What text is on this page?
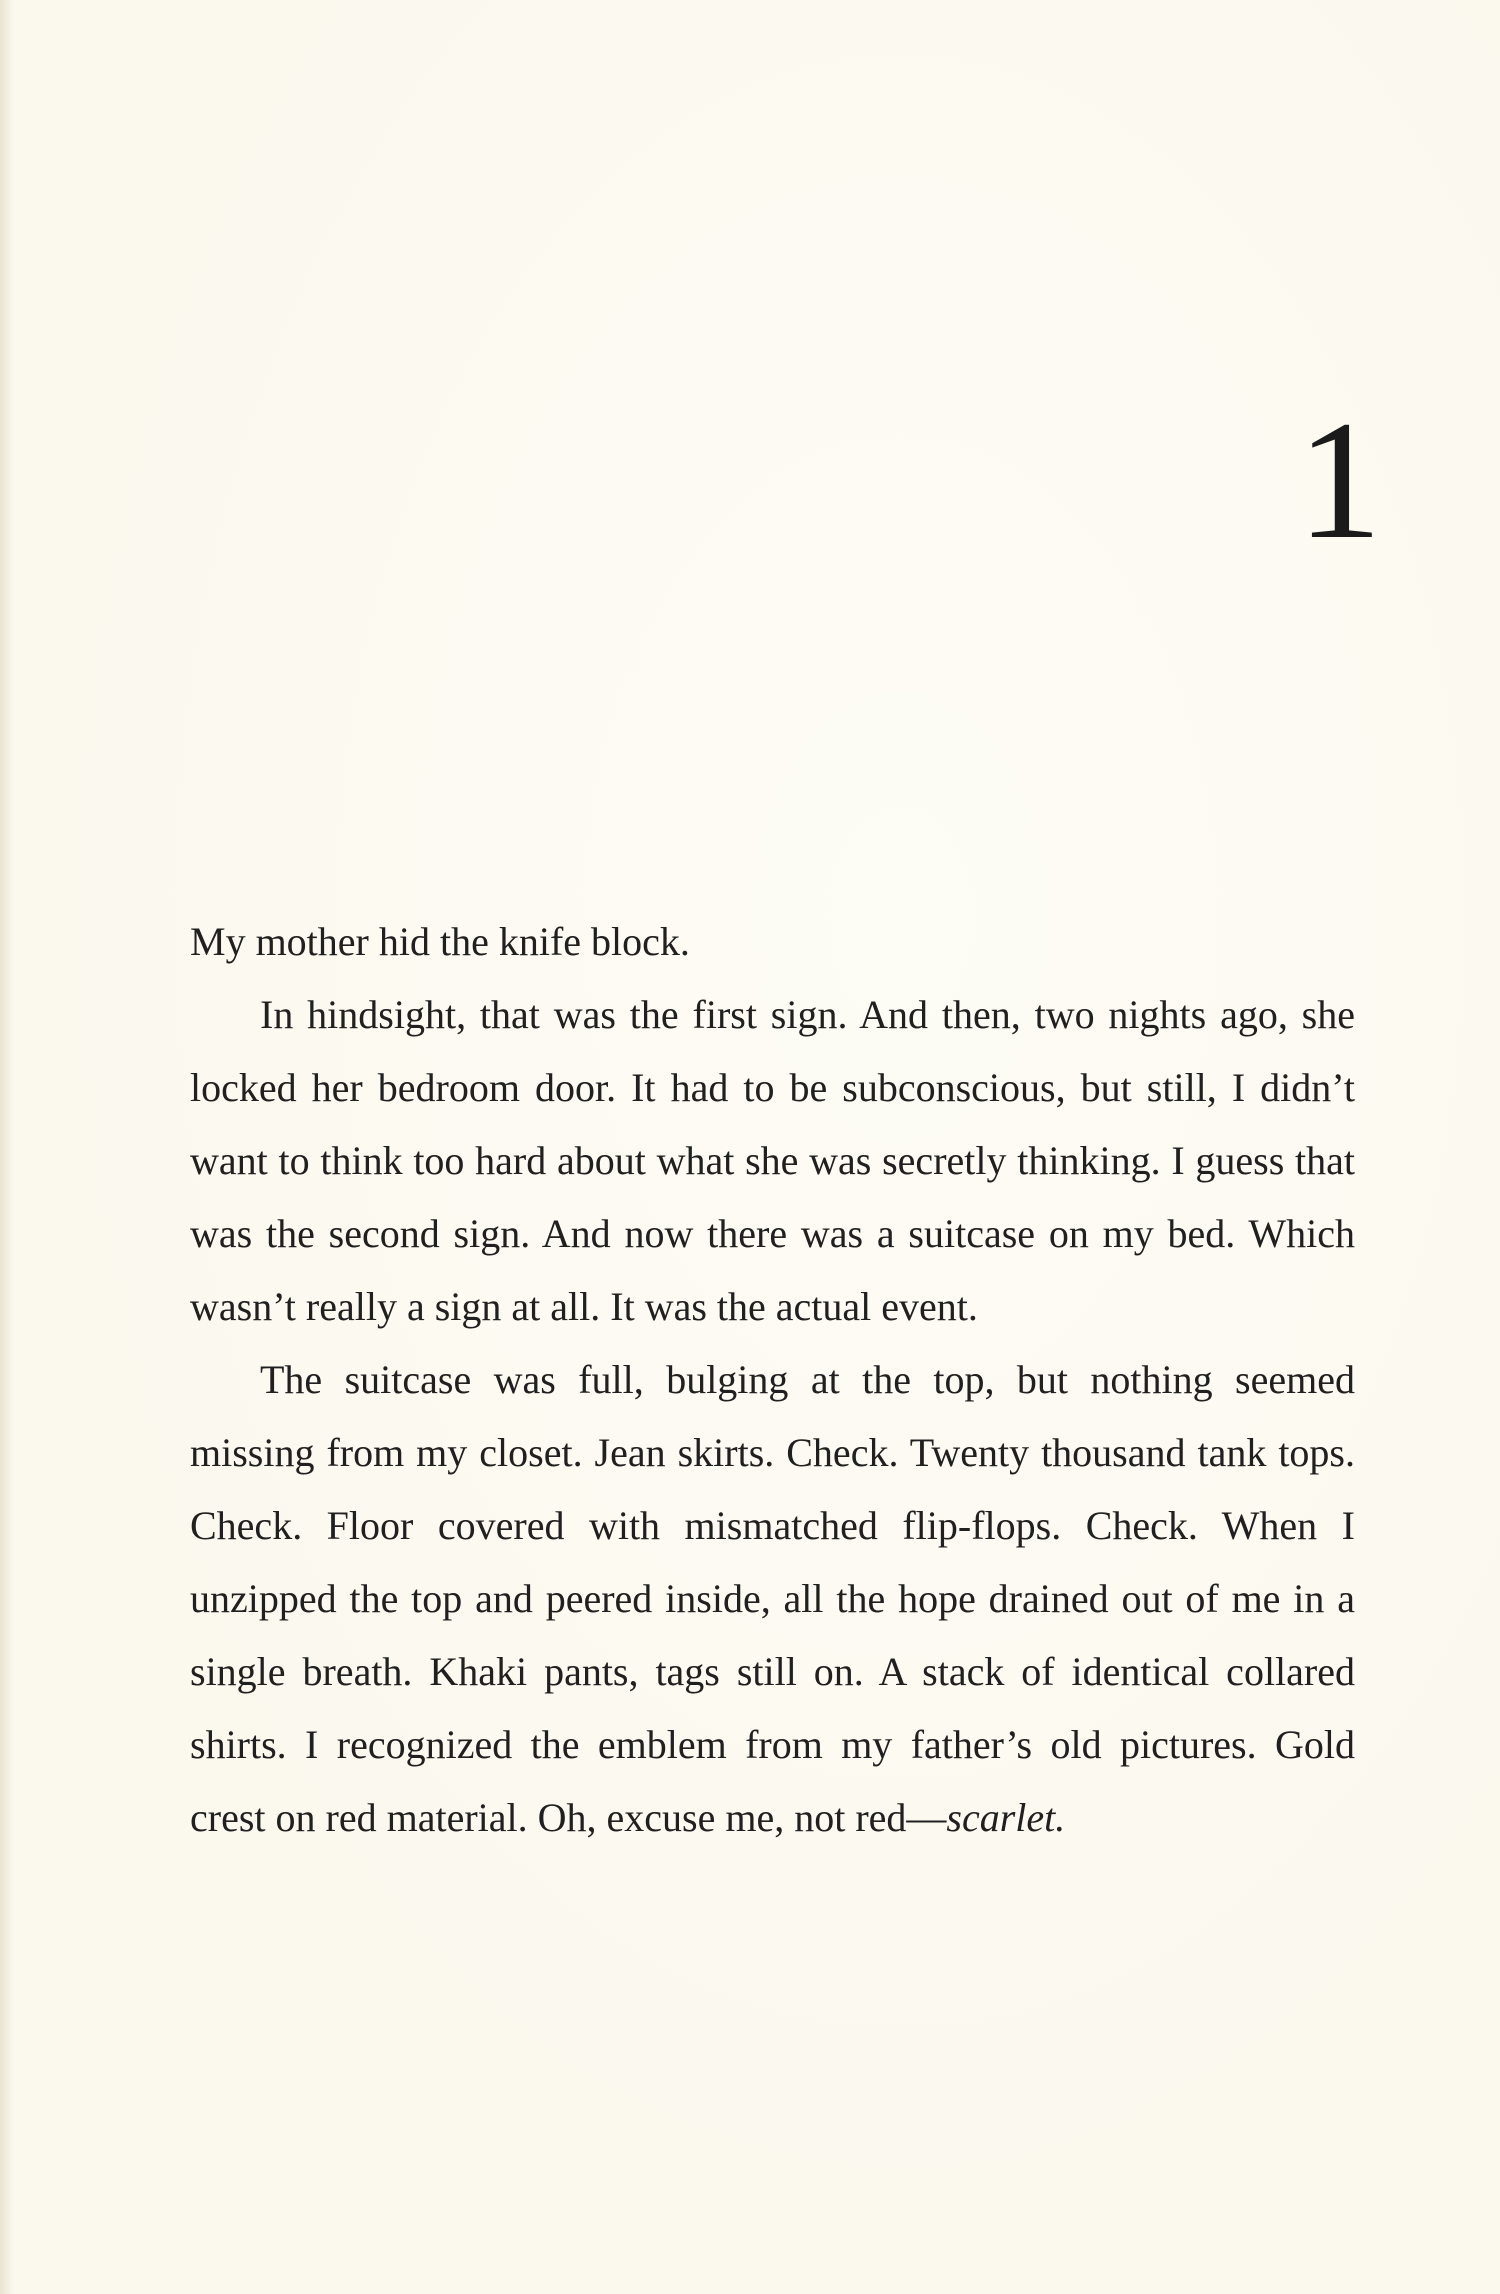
1

My mother hid the knife block.

In hindsight, that was the first sign. And then, two nights ago, she locked her bedroom door. It had to be subconscious, but still, I didn’t want to think too hard about what she was secretly thinking. I guess that was the second sign. And now there was a suitcase on my bed. Which wasn’t really a sign at all. It was the actual event.

The suitcase was full, bulging at the top, but nothing seemed missing from my closet. Jean skirts. Check. Twenty thousand tank tops. Check. Floor covered with mismatched flip-flops. Check. When I unzipped the top and peered inside, all the hope drained out of me in a single breath. Khaki pants, tags still on. A stack of identical collared shirts. I recognized the emblem from my father’s old pictures. Gold crest on red material. Oh, excuse me, not red—scarlet.
